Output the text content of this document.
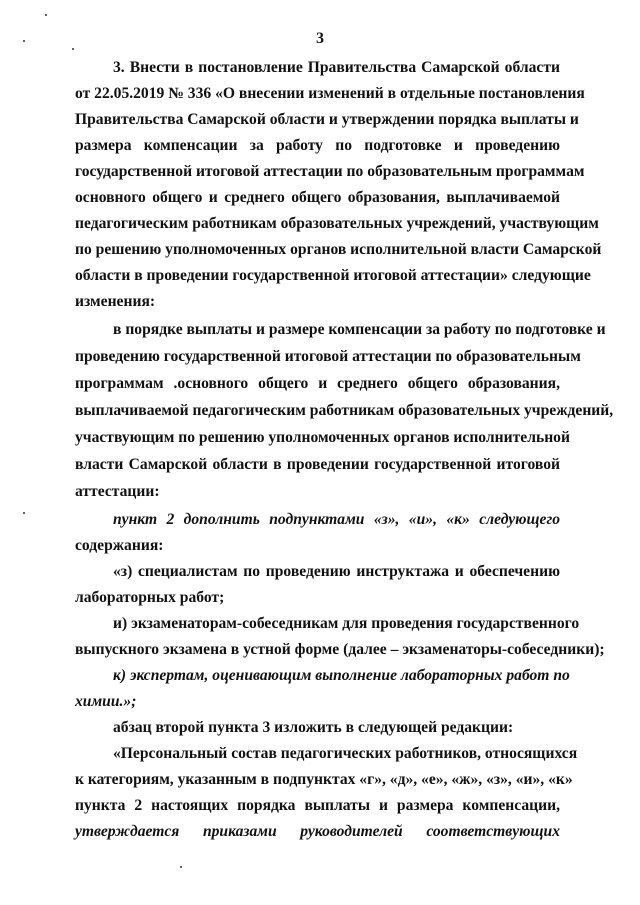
3
3. Внести в постановление Правительства Самарской области
от 22.05.2019 № 336 «О внесении изменений в отдельные постановления
Правительства Самарской области и утверждении порядка выплаты и
размера компенсации за работу по подготовке и проведению
государственной итоговой аттестации по образовательным программам
основного общего и среднего общего образования, выплачиваемой
педагогическим работникам образовательных учреждений, участвующим
по решению уполномоченных органов исполнительной власти Самарской
области в проведении государственной итоговой аттестации» следующие
изменения:
в порядке выплаты и размере компенсации за работу по подготовке и
проведению государственной итоговой аттестации по образовательным
программам .основного общего и среднего общего образования,
выплачиваемой педагогическим работникам образовательных учреждений,
участвующим по решению уполномоченных органов исполнительной
власти Самарской области в проведении государственной итоговой
аттестации:
пункт 2 дополнить подпунктами «з», «и», «к» следующего
содержания:
«з) специалистам по проведению инструктажа и обеспечению
лабораторных работ;
и) экзаменаторам-собеседникам для проведения государственного
выпускного экзамена в устной форме (далее – экзаменаторы-собеседники);
к) экспертам, оценивающим выполнение лабораторных работ по
химии.»;
абзац второй пункта 3 изложить в следующей редакции:
«Персональный состав педагогических работников, относящихся
к категориям, указанным в подпунктах «г», «д», «е», «ж», «з», «и», «к»
пункта 2 настоящих порядка выплаты и размера компенсации,
утверждается приказами руководителей соответствующих
